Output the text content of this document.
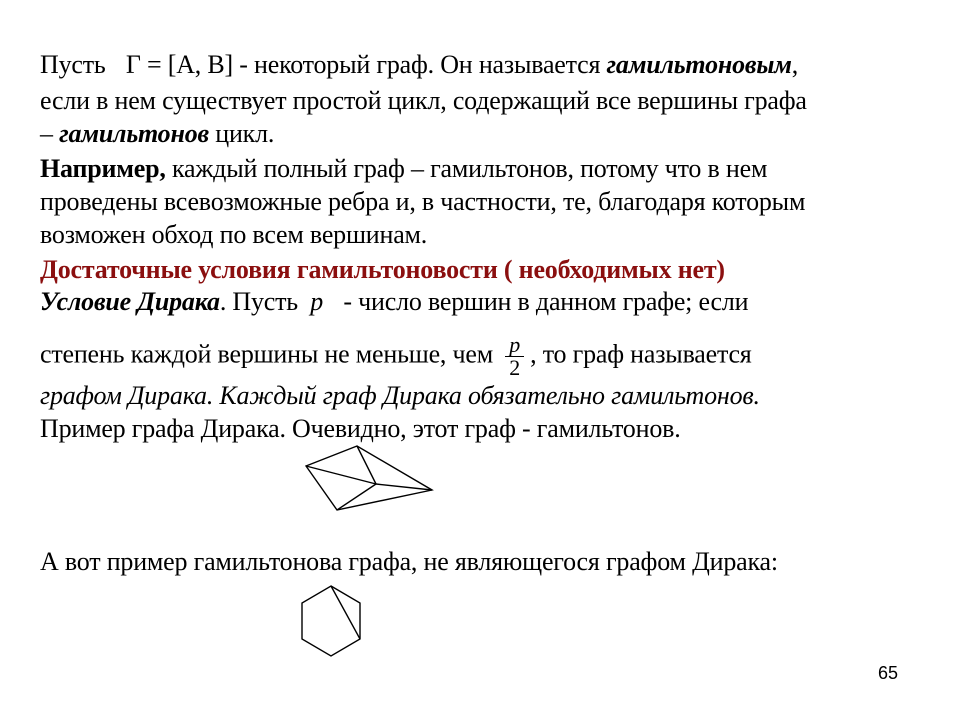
Пусть Γ = [A, B] - некоторый граф. Он называется гамильтоновым,
если в нем существует простой цикл, содержащий все вершины графа
– гамильтонов цикл.
Например, каждый полный граф – гамильтонов, потому что в нем
проведены всевозможные ребра и, в частности, те, благодаря которым
возможен обход по всем вершинам.
Достаточные условия гамильтоновости ( необходимых нет)
Условие Дирака. Пусть p - число вершин в данном графе; если
степень каждой вершины не меньше, чем $\frac{p}{2}$ , то граф называется
графом Дирака. Каждый граф Дирака обязательно гамильтонов.
Пример графа Дирака. Очевидно, этот граф - гамильтонов.
А вот пример гамильтонова графа, не являющегося графом Дирака:
65
